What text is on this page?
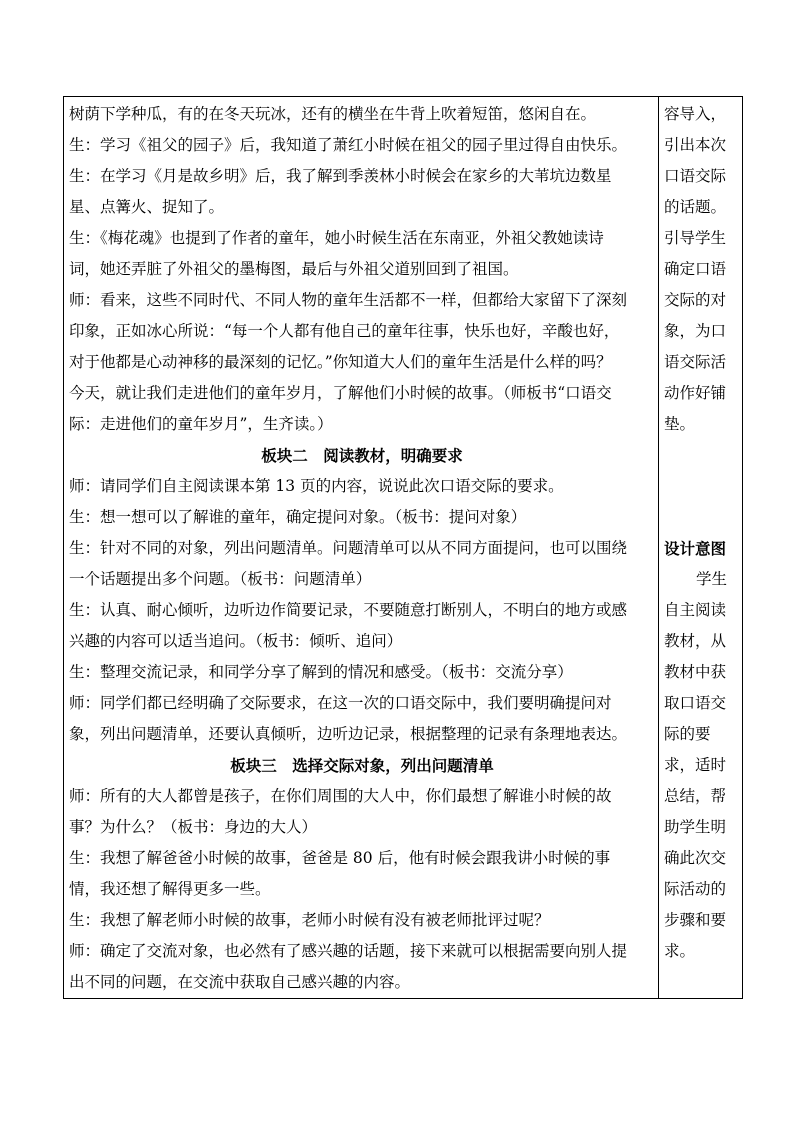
树荫下学种瓜，有的在冬天玩冰，还有的横坐在牛背上吹着短笛，悠闲自在。
生：学习《祖父的园子》后，我知道了萧红小时候在祖父的园子里过得自由快乐。
生：在学习《月是故乡明》后，我了解到季羡林小时候会在家乡的大苇坑边数星
星、点篝火、捉知了。
生：《梅花魂》也提到了作者的童年，她小时候生活在东南亚，外祖父教她读诗
词，她还弄脏了外祖父的墨梅图，最后与外祖父道别回到了祖国。
师：看来，这些不同时代、不同人物的童年生活都不一样，但都给大家留下了深刻
印象，正如冰心所说：“每一个人都有他自己的童年往事，快乐也好，辛酸也好，
对于他都是心动神移的最深刻的记忆。”你知道大人们的童年生活是什么样的吗？
今天，就让我们走进他们的童年岁月，了解他们小时候的故事。（师板书“口语交
际：走进他们的童年岁月”，生齐读。）
板块二　阅读教材，明确要求
师：请同学们自主阅读课本第 13 页的内容，说说此次口语交际的要求。
生：想一想可以了解谁的童年，确定提问对象。（板书：提问对象）
生：针对不同的对象，列出问题清单。问题清单可以从不同方面提问，也可以围绕
一个话题提出多个问题。（板书：问题清单）
生：认真、耐心倾听，边听边作简要记录，不要随意打断别人，不明白的地方或感
兴趣的内容可以适当追问。（板书：倾听、追问）
生：整理交流记录，和同学分享了解到的情况和感受。（板书：交流分享）
师：同学们都已经明确了交际要求，在这一次的口语交际中，我们要明确提问对
象，列出问题清单，还要认真倾听，边听边记录，根据整理的记录有条理地表达。
板块三　选择交际对象，列出问题清单
师：所有的大人都曾是孩子，在你们周围的大人中，你们最想了解谁小时候的故
事？为什么？（板书：身边的大人）
生：我想了解爸爸小时候的故事，爸爸是 80 后，他有时候会跟我讲小时候的事
情，我还想了解得更多一些。
生：我想了解老师小时候的故事，老师小时候有没有被老师批评过呢？
师：确定了交流对象，也必然有了感兴趣的话题，接下来就可以根据需要向别人提
出不同的问题，在交流中获取自己感兴趣的内容。
容导入，
引出本次
口语交际
的话题。
引导学生
确定口语
交际的对
象，为口
语交际活
动作好铺
垫。
设计意图
学生
自主阅读
教材，从
教材中获
取口语交
际的要
求，适时
总结，帮
助学生明
确此次交
际活动的
步骤和要
求。
